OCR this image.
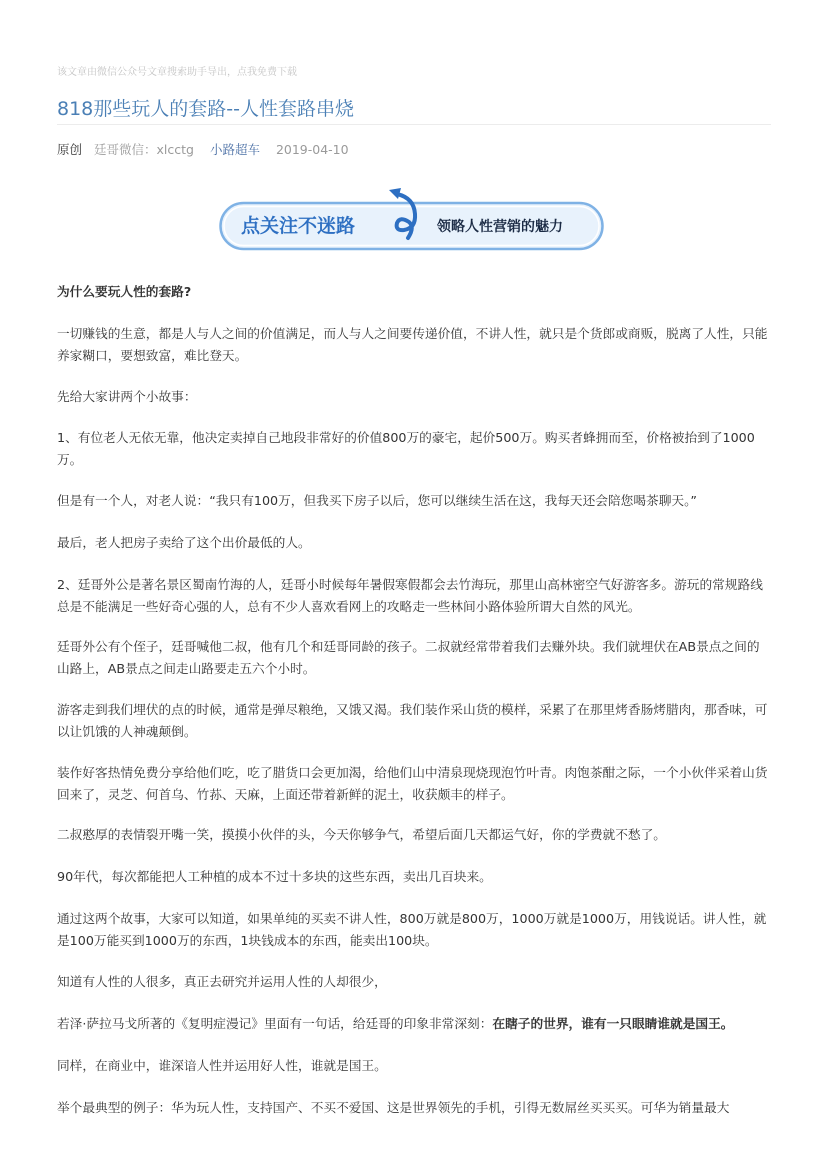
该文章由微信公众号文章搜索助手导出，点我免费下载
818那些玩人的套路--人性套路串烧
原创 廷哥微信：xlcctg 小路超车 2019-04-10
点关注不迷路	领略人性营销的魅力

为什么要玩人性的套路?

一切赚钱的生意，都是人与人之间的价值满足，而人与人之间要传递价值，不讲人性，就只是个货郎或商贩，脱离了人性，只能养家糊口，要想致富，难比登天。

先给大家讲两个小故事：

1、有位老人无依无靠，他决定卖掉自己地段非常好的价值800万的豪宅，起价500万。购买者蜂拥而至，价格被抬到了1000万。

但是有一个人，对老人说：“我只有100万，但我买下房子以后，您可以继续生活在这，我每天还会陪您喝茶聊天。”

最后，老人把房子卖给了这个出价最低的人。

2、廷哥外公是著名景区蜀南竹海的人，廷哥小时候每年暑假寒假都会去竹海玩，那里山高林密空气好游客多。游玩的常规路线总是不能满足一些好奇心强的人，总有不少人喜欢看网上的攻略走一些林间小路体验所谓大自然的风光。

廷哥外公有个侄子，廷哥喊他二叔，他有几个和廷哥同龄的孩子。二叔就经常带着我们去赚外块。我们就埋伏在AB景点之间的山路上，AB景点之间走山路要走五六个小时。

游客走到我们埋伏的点的时候，通常是弹尽粮绝，又饿又渴。我们装作采山货的模样，采累了在那里烤香肠烤腊肉，那香味，可以让饥饿的人神魂颠倒。

装作好客热情免费分享给他们吃，吃了腊货口会更加渴，给他们山中清泉现烧现泡竹叶青。肉饱茶酣之际，一个小伙伴采着山货回来了，灵芝、何首乌、竹荪、天麻，上面还带着新鲜的泥土，收获颇丰的样子。

二叔憨厚的表情裂开嘴一笑，摸摸小伙伴的头，今天你够争气，希望后面几天都运气好，你的学费就不愁了。

90年代，每次都能把人工种植的成本不过十多块的这些东西，卖出几百块来。

通过这两个故事，大家可以知道，如果单纯的买卖不讲人性，800万就是800万，1000万就是1000万，用钱说话。讲人性，就是100万能买到1000万的东西，1块钱成本的东西，能卖出100块。

知道有人性的人很多，真正去研究并运用人性的人却很少，

若泽·萨拉马戈所著的《复明症漫记》里面有一句话，给廷哥的印象非常深刻：在瞎子的世界，谁有一只眼睛谁就是国王。

同样，在商业中，谁深谙人性并运用好人性，谁就是国王。

举个最典型的例子：华为玩人性，支持国产、不买不爱国、这是世界领先的手机，引得无数屌丝买买买。可华为销量最大
